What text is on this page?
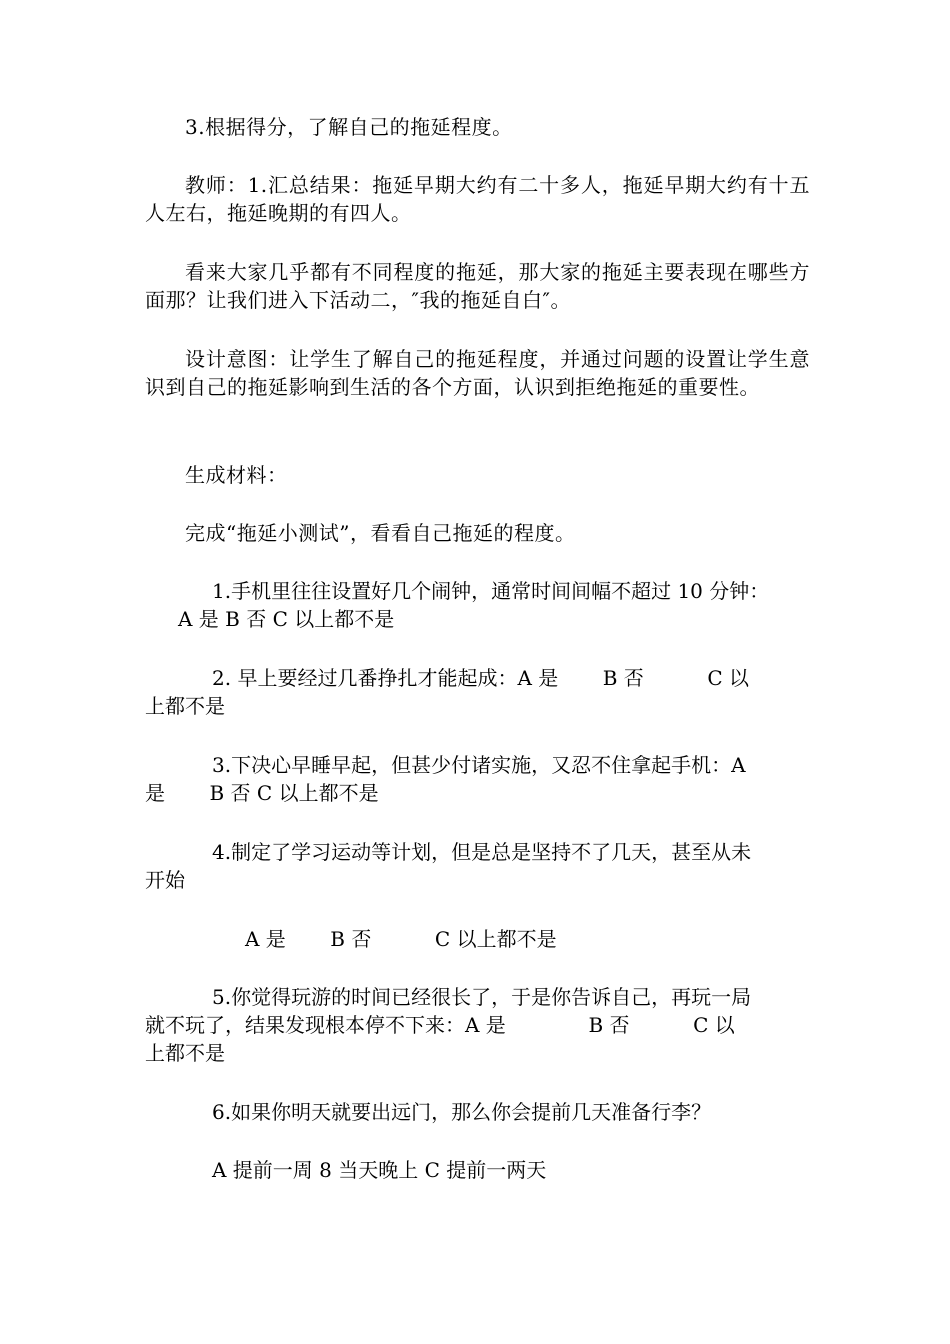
3.根据得分，了解自己的拖延程度。

教师：1.汇总结果：拖延早期大约有二十多人，拖延早期大约有十五人左右，拖延晚期的有四人。

看来大家几乎都有不同程度的拖延，那大家的拖延主要表现在哪些方面那？让我们进入下活动二，″我的拖延自白″。

设计意图：让学生了解自己的拖延程度，并通过问题的设置让学生意识到自己的拖延影响到生活的各个方面，认识到拒绝拖延的重要性。

生成材料：

完成“拖延小测试”，看看自己拖延的程度。

1.手机里往往设置好几个闹钟，通常时间间幅不超过 10 分钟：
A 是 B 否 C 以上都不是
2. 早上要经过几番挣扎才能起成：A 是       B 否          C 以
上都不是
3.下决心早睡早起，但甚少付诸实施，又忍不住拿起手机：A
是       B 否 C 以上都不是
4.制定了学习运动等计划，但是总是坚持不了几天，甚至从未
开始
A 是       B 否          C 以上都不是
5.你觉得玩游的时间已经很长了，于是你告诉自己，再玩一局
就不玩了，结果发现根本停不下来：A 是             B 否          C 以
上都不是
6.如果你明天就要出远门，那么你会提前几天准备行李？
A 提前一周 8 当天晚上 C 提前一两天
